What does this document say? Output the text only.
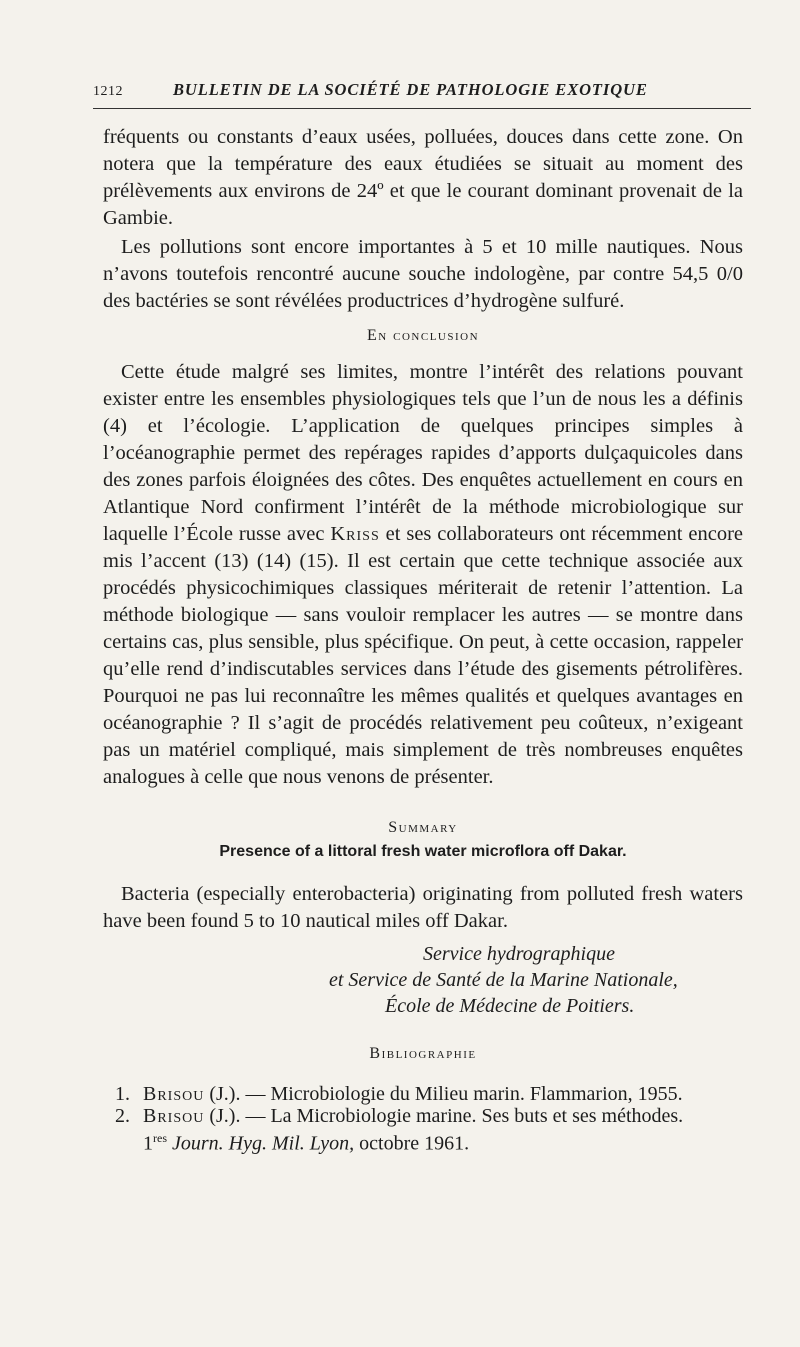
1212	BULLETIN DE LA SOCIÉTÉ DE PATHOLOGIE EXOTIQUE

fréquents ou constants d’eaux usées, polluées, douces dans cette zone. On notera que la température des eaux étudiées se situait au moment des prélèvements aux environs de 24º et que le courant dominant provenait de la Gambie.

Les pollutions sont encore importantes à 5 et 10 mille nautiques. Nous n’avons toutefois rencontré aucune souche indologène, par contre 54,5 0/0 des bactéries se sont révélées productrices d’hydrogène sulfuré.

En conclusion

Cette étude malgré ses limites, montre l’intérêt des relations pouvant exister entre les ensembles physiologiques tels que l’un de nous les a définis (4) et l’écologie. L’application de quelques principes simples à l’océanographie permet des repérages rapides d’apports dulçaquicoles dans des zones parfois éloignées des côtes. Des enquêtes actuellement en cours en Atlantique Nord confirment l’intérêt de la méthode microbiologique sur laquelle l’École russe avec Kriss et ses collaborateurs ont récemment encore mis l’accent (13) (14) (15). Il est certain que cette technique associée aux procédés physicochimiques classiques mériterait de retenir l’attention. La méthode biologique — sans vouloir remplacer les autres — se montre dans certains cas, plus sensible, plus spécifique. On peut, à cette occasion, rappeler qu’elle rend d’indiscutables services dans l’étude des gisements pétrolifères. Pourquoi ne pas lui reconnaître les mêmes qualités et quelques avantages en océanographie ? Il s’agit de procédés relativement peu coûteux, n’exigeant pas un matériel compliqué, mais simplement de très nombreuses enquêtes analogues à celle que nous venons de présenter.

Summary
Presence of a littoral fresh water microflora off Dakar.

Bacteria (especially enterobacteria) originating from polluted fresh waters have been found 5 to 10 nautical miles off Dakar.

Service hydrographique
et Service de Santé de la Marine Nationale,
École de Médecine de Poitiers.
Bibliographie
1. Brisou (J.). — Microbiologie du Milieu marin. Flammarion, 1955.
2. Brisou (J.). — La Microbiologie marine. Ses buts et ses méthodes.
1res Journ. Hyg. Mil. Lyon, octobre 1961.
